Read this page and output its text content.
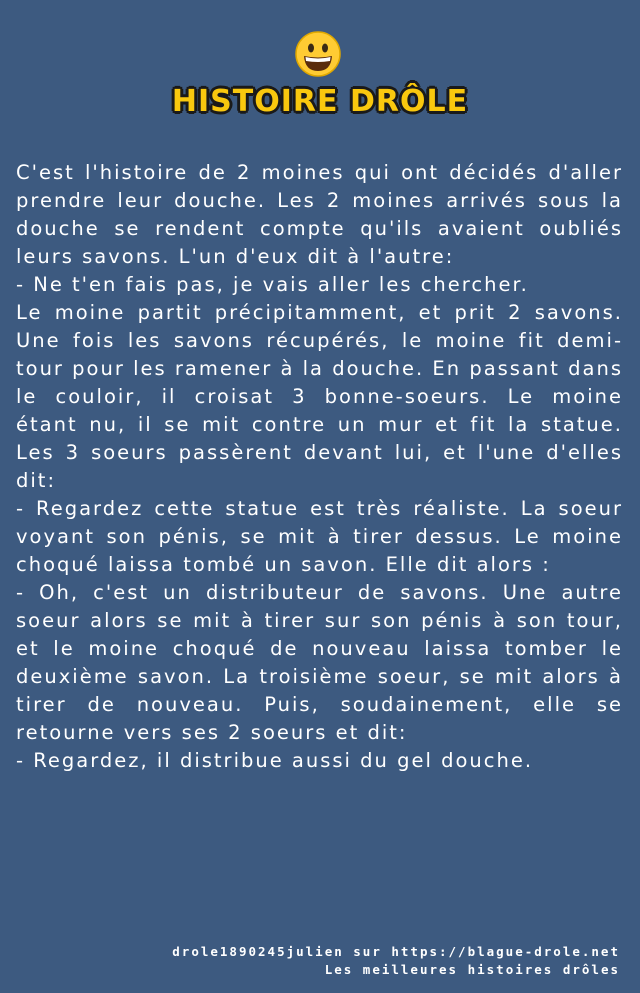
HISTOIRE DRÔLE

C'est l'histoire de 2 moines qui ont décidés d'aller prendre leur douche. Les 2 moines arrivés sous la douche se rendent compte qu'ils avaient oubliés leurs savons. L'un d'eux dit à l'autre:

- Ne t'en fais pas, je vais aller les chercher.

Le moine partit précipitamment, et prit 2 savons. Une fois les savons récupérés, le moine fit demi-tour pour les ramener à la douche. En passant dans le couloir, il croisat 3 bonne-soeurs. Le moine étant nu, il se mit contre un mur et fit la statue. Les 3 soeurs passèrent devant lui, et l'une d'elles dit:

- Regardez cette statue est très réaliste. La soeur voyant son pénis, se mit à tirer dessus. Le moine choqué laissa tombé un savon. Elle dit alors :

- Oh, c'est un distributeur de savons. Une autre soeur alors se mit à tirer sur son pénis à son tour, et le moine choqué de nouveau laissa tomber le deuxième savon. La troisième soeur, se mit alors à tirer de nouveau. Puis, soudainement, elle se retourne vers ses 2 soeurs et dit:

- Regardez, il distribue aussi du gel douche.

drole1890245julien sur https://blague-drole.net
Les meilleures histoires drôles
